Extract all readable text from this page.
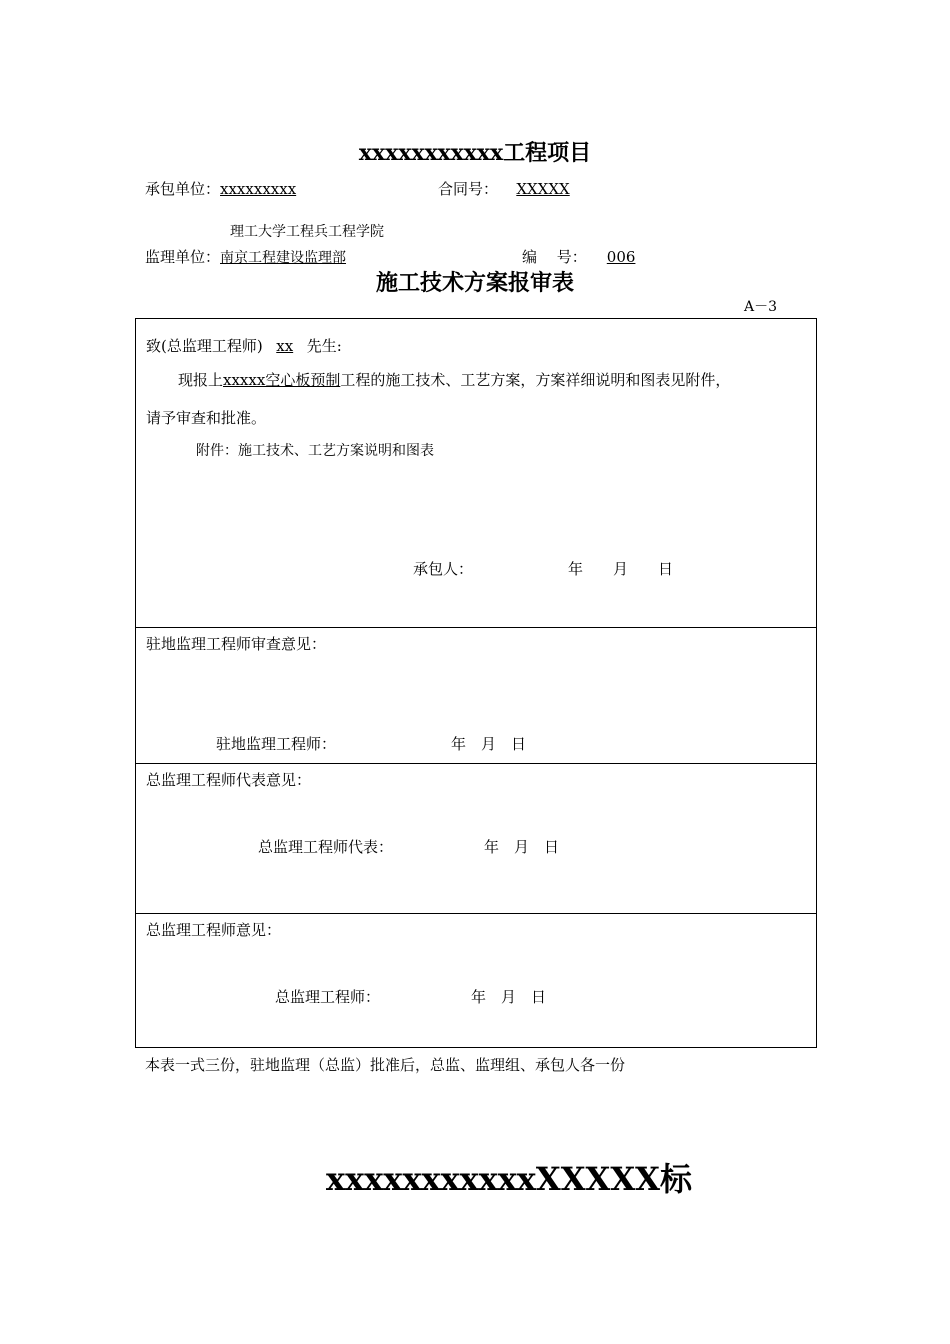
xxxxxxxxxxx工程项目
承包单位：xxxxxxxxx	合同号： XXXXX
理工大学工程兵工程学院
监理单位：南京工程建设监理部	编　 号： 006
施工技术方案报审表
A－3
致(总监理工程师) xx 先生:
现报上xxxxx空心板预制工程的施工技术、工艺方案，方案祥细说明和图表见附件，
请予审查和批准。
附件：施工技术、工艺方案说明和图表
承包人：	年　　月　　日
驻地监理工程师审查意见：
驻地监理工程师：	年　月　日
总监理工程师代表意见：
总监理工程师代表：	年　月　日
总监理工程师意见：
总监理工程师：	年　月　日
本表一式三份，驻地监理（总监）批准后，总监、监理组、承包人各一份
xxxxxxxxxxxXXXXX标
